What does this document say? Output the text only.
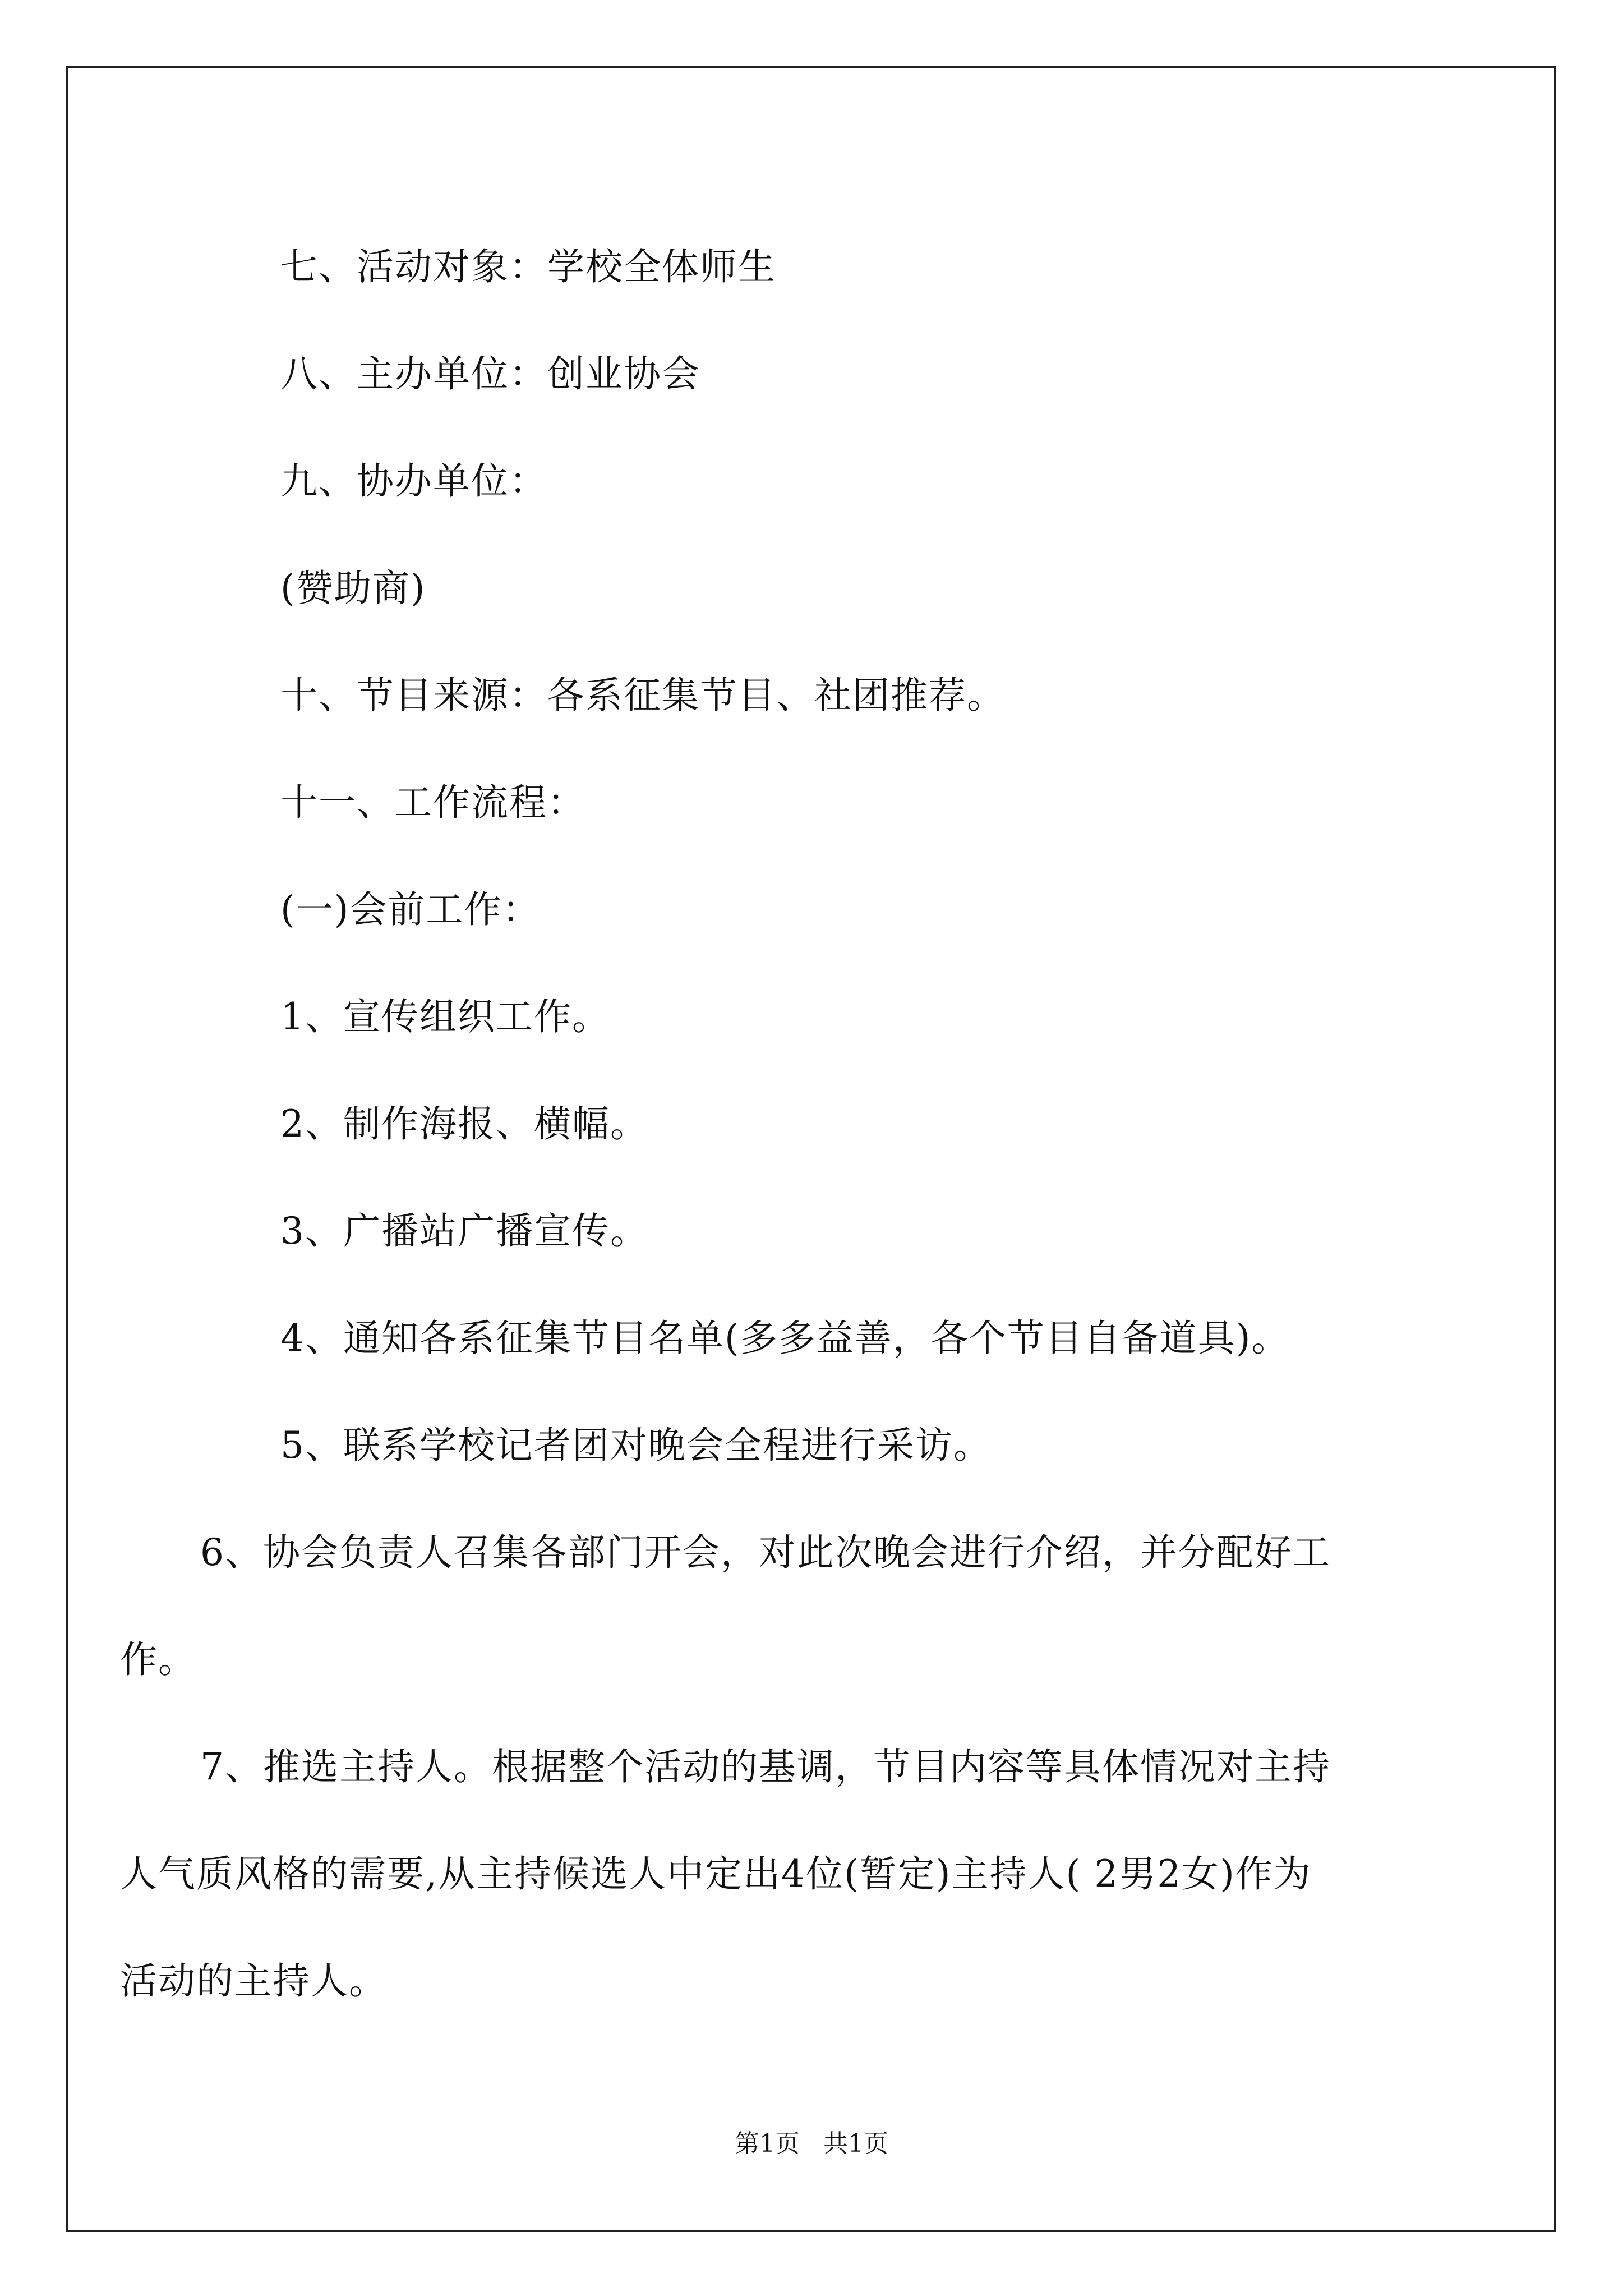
七、活动对象：学校全体师生

八、主办单位：创业协会

九、协办单位：

(赞助商)

十、节目来源：各系征集节目、社团推荐。

十一、工作流程：

(一)会前工作：

1、宣传组织工作。

2、制作海报、横幅。

3、广播站广播宣传。

4、通知各系征集节目名单(多多益善，各个节目自备道具)。

5、联系学校记者团对晚会全程进行采访。

6、协会负责人召集各部门开会，对此次晚会进行介绍，并分配好工作。

7、推选主持人。根据整个活动的基调，节目内容等具体情况对主持人气质风格的需要,从主持候选人中定出4位(暂定)主持人( 2男2女)作为活动的主持人。

第1页 共1页
